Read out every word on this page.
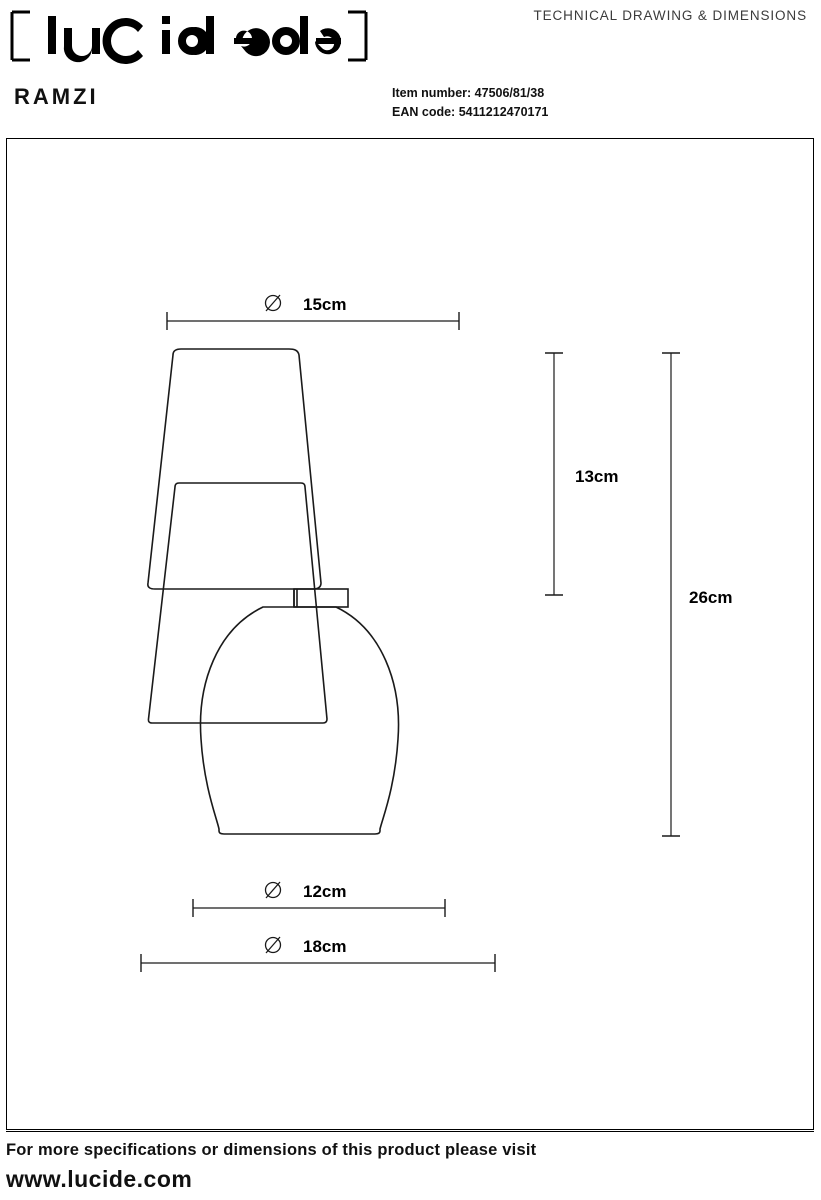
TECHNICAL DRAWING & DIMENSIONS
RAMZI	Item number: 47506/81/38
EAN code: 5411212470171
15cm
13cm
26cm
12cm
18cm
For more specifications or dimensions of this product please visit
www.lucide.com
